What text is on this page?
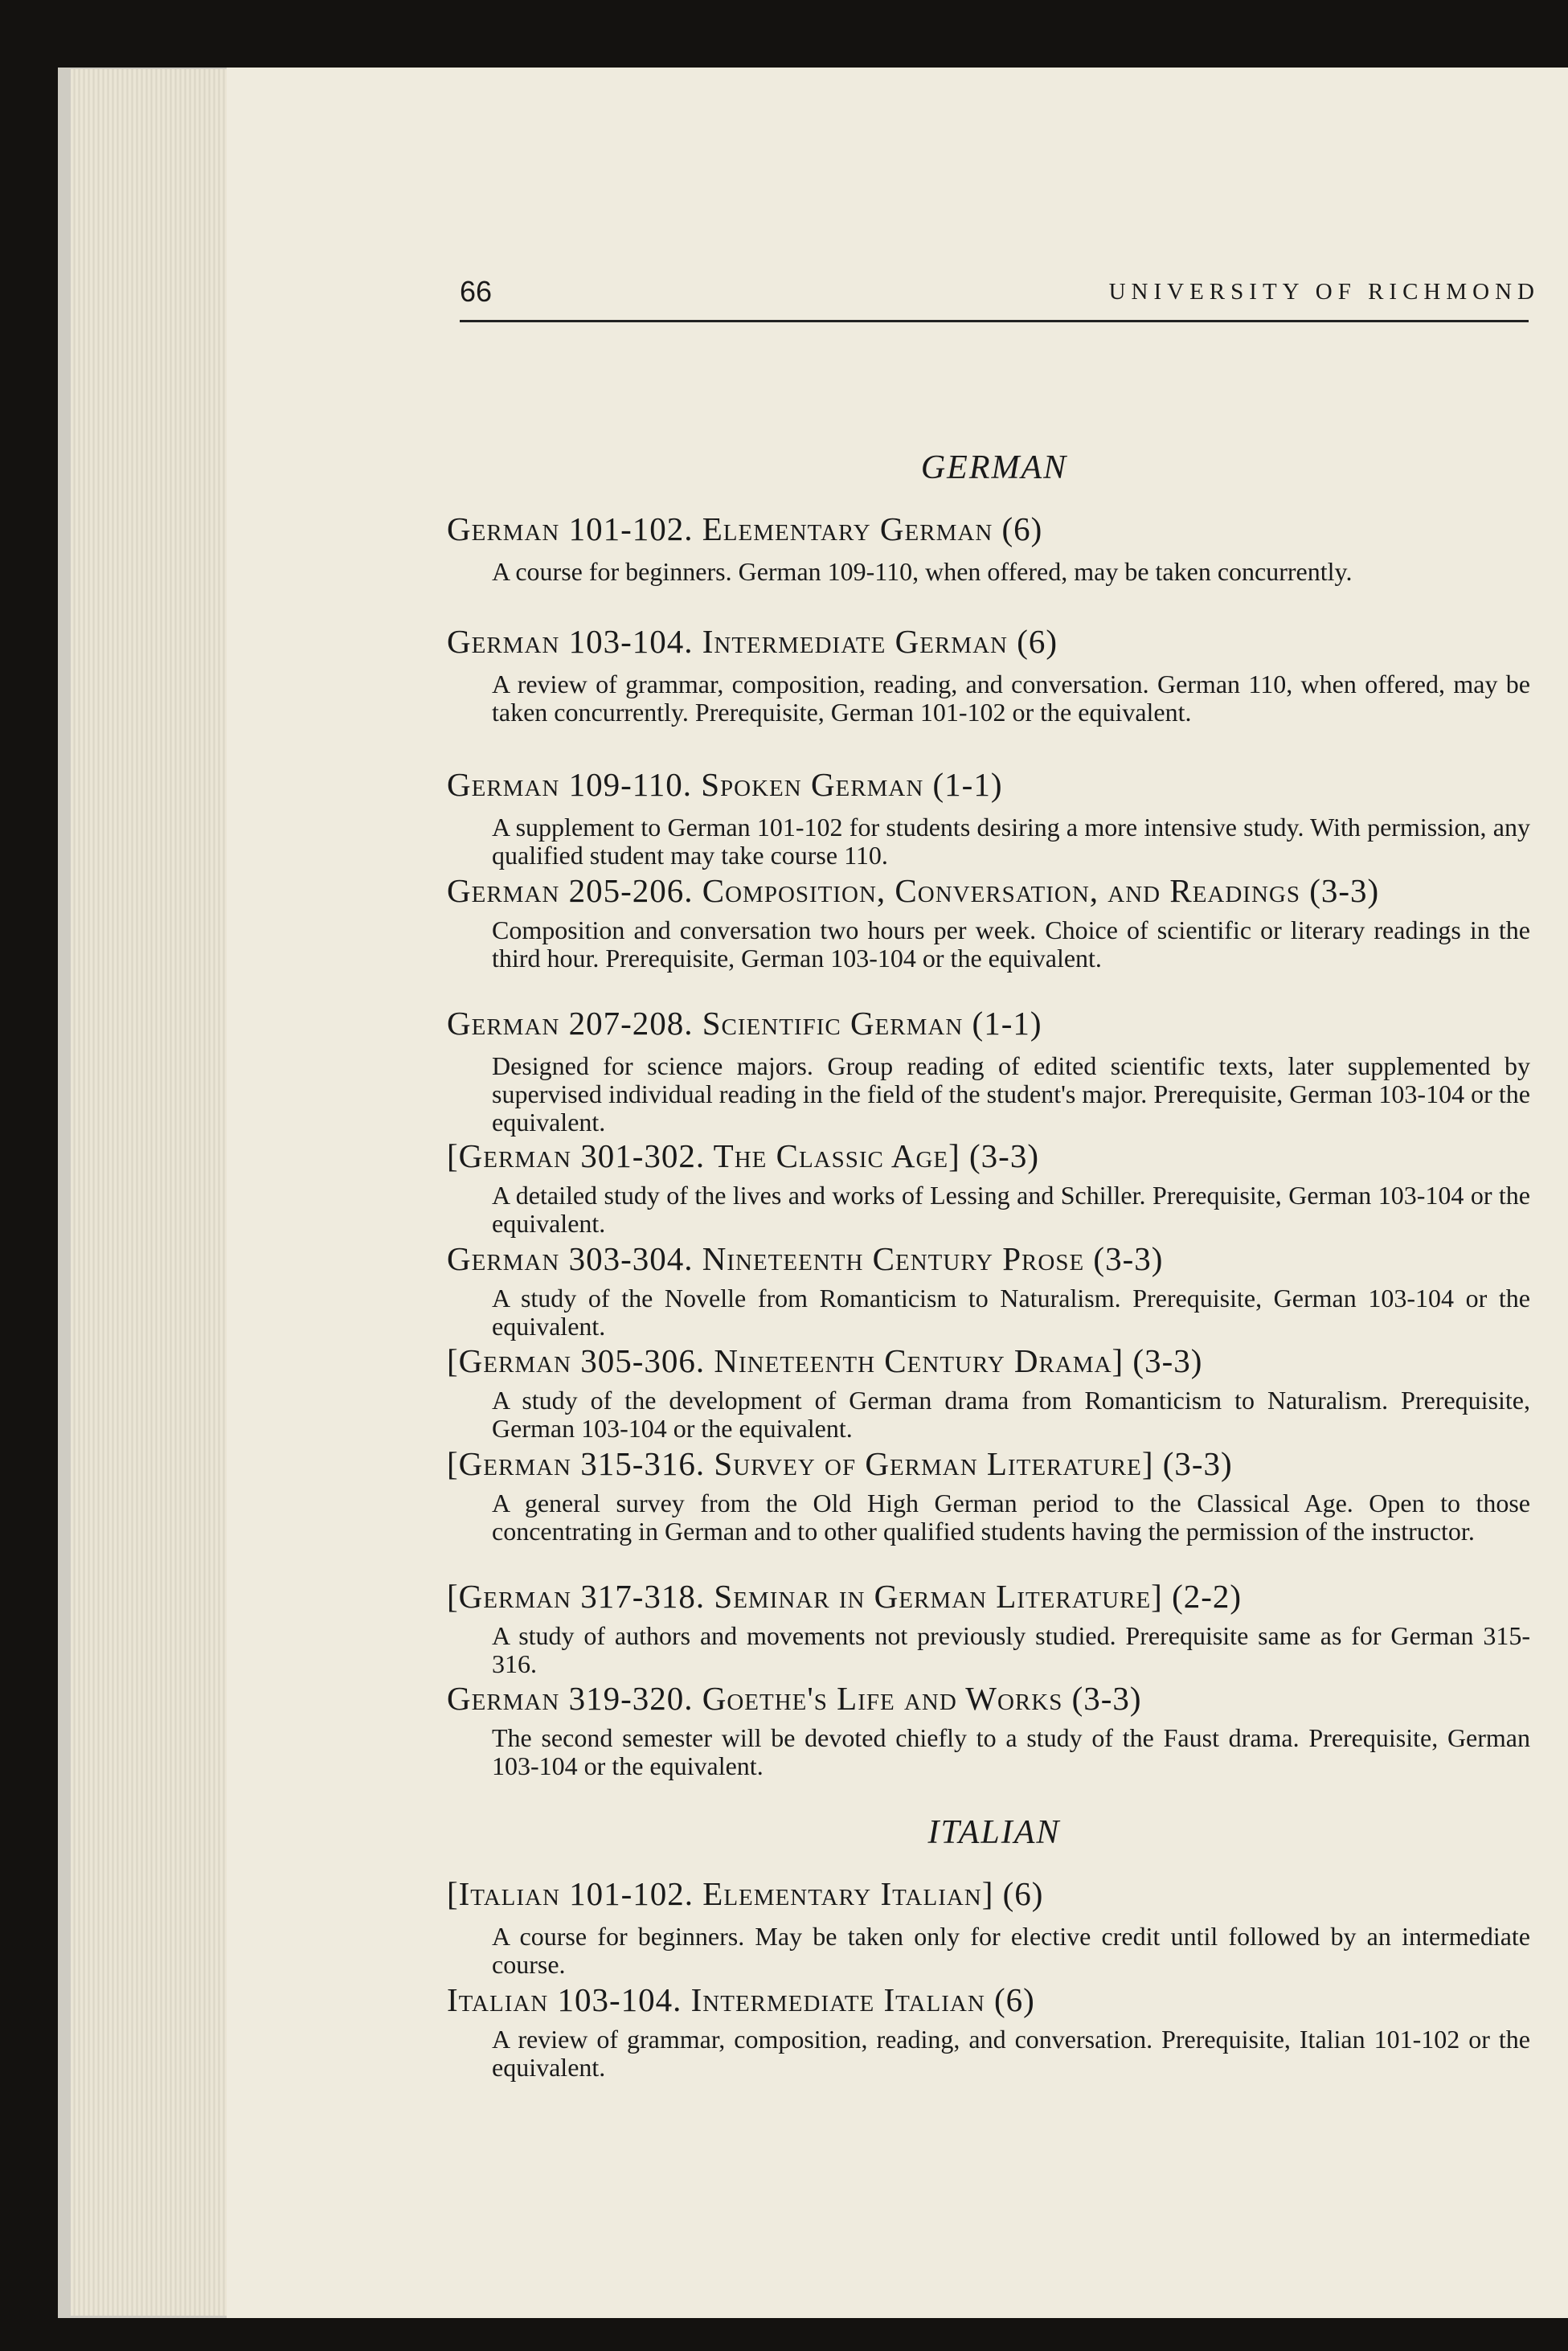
66	UNIVERSITY OF RICHMOND
GERMAN
German 101-102. Elementary German (6)
A course for beginners. German 109-110, when offered, may be taken concurrently.
German 103-104. Intermediate German (6)
A review of grammar, composition, reading, and conversation. German 110, when offered, may be taken concurrently. Prerequisite, German 101-102 or the equivalent.
German 109-110. Spoken German (1-1)
A supplement to German 101-102 for students desiring a more intensive study. With permission, any qualified student may take course 110.
German 205-206. Composition, Conversation, and Readings (3-3)
Composition and conversation two hours per week. Choice of scientific or literary readings in the third hour. Prerequisite, German 103-104 or the equivalent.
German 207-208. Scientific German (1-1)
Designed for science majors. Group reading of edited scientific texts, later supplemented by supervised individual reading in the field of the student's major. Prerequisite, German 103-104 or the equivalent.
[German 301-302. The Classic Age] (3-3)
A detailed study of the lives and works of Lessing and Schiller. Prerequisite, German 103-104 or the equivalent.
German 303-304. Nineteenth Century Prose (3-3)
A study of the Novelle from Romanticism to Naturalism. Prerequisite, German 103-104 or the equivalent.
[German 305-306. Nineteenth Century Drama] (3-3)
A study of the development of German drama from Romanticism to Naturalism. Prerequisite, German 103-104 or the equivalent.
[German 315-316. Survey of German Literature] (3-3)
A general survey from the Old High German period to the Classical Age. Open to those concentrating in German and to other qualified students having the permission of the instructor.
[German 317-318. Seminar in German Literature] (2-2)
A study of authors and movements not previously studied. Prerequisite same as for German 315-316.
German 319-320. Goethe's Life and Works (3-3)
The second semester will be devoted chiefly to a study of the Faust drama. Prerequisite, German 103-104 or the equivalent.
ITALIAN
[Italian 101-102. Elementary Italian] (6)
A course for beginners. May be taken only for elective credit until followed by an intermediate course.
Italian 103-104. Intermediate Italian (6)
A review of grammar, composition, reading, and conversation. Prerequisite, Italian 101-102 or the equivalent.
